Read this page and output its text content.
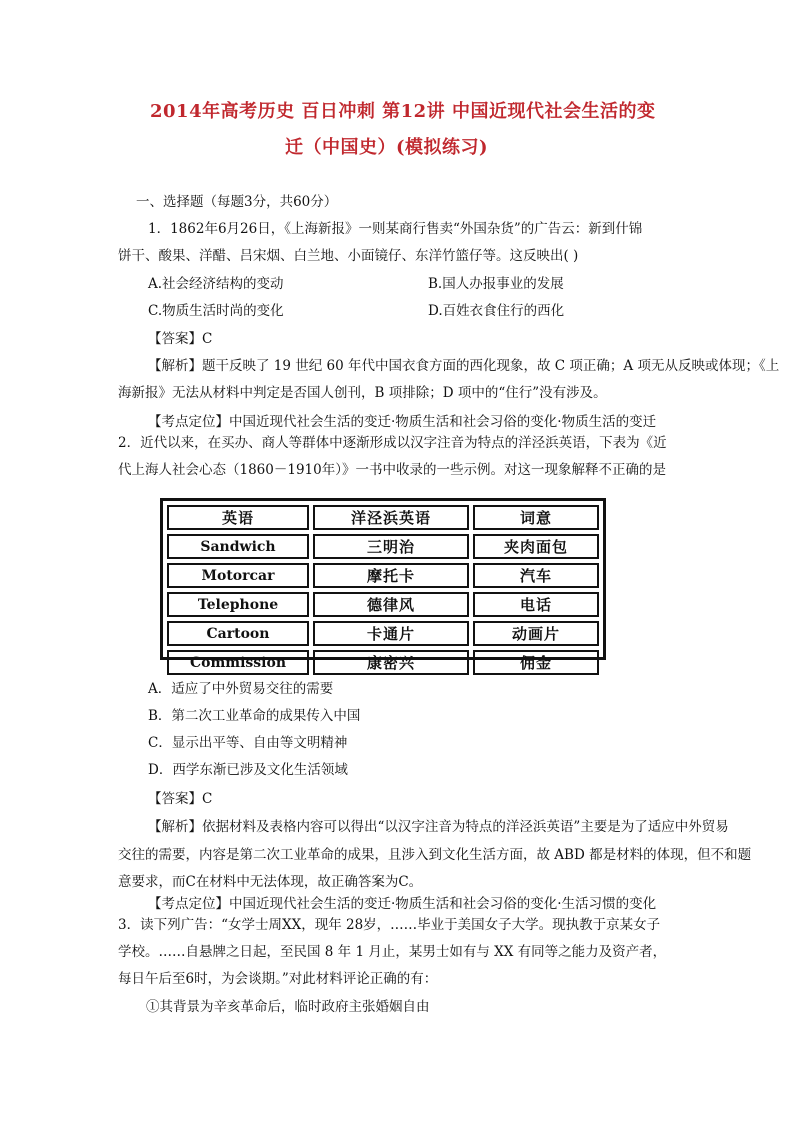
2014年高考历史 百日冲刺 第12讲 中国近现代社会生活的变
迁（中国史）(模拟练习)
一、选择题（每题3分，共60分）
1．1862年6月26日，《上海新报》一则某商行售卖“外国杂货”的广告云：新到什锦
饼干、酸果、洋醋、吕宋烟、白兰地、小面镜仔、东洋竹篮仔等。这反映出( )
A.社会经济结构的变动	B.国人办报事业的发展
C.物质生活时尚的变化	D.百姓衣食住行的西化
【答案】C
【解析】题干反映了 19 世纪 60 年代中国衣食方面的西化现象，故 C 项正确；A 项无从反映或体现；《上
海新报》无法从材料中判定是否国人创刊，B 项排除；D 项中的“住行”没有涉及。
【考点定位】中国近现代社会生活的变迁·物质生活和社会习俗的变化·物质生活的变迁
2．近代以来，在买办、商人等群体中逐渐形成以汉字注音为特点的洋泾浜英语，下表为《近
代上海人社会心态（1860－1910年）》一书中收录的一些示例。对这一现象解释不正确的是
英语	洋泾浜英语	词意
Sandwich	三明治	夹肉面包
Motorcar	摩托卡	汽车
Telephone	德律风	电话
Cartoon	卡通片	动画片
Commission	康密兴	佣金
A．适应了中外贸易交往的需要
B．第二次工业革命的成果传入中国
C．显示出平等、自由等文明精神
D．西学东渐已涉及文化生活领域
【答案】C
【解析】依据材料及表格内容可以得出“以汉字注音为特点的洋泾浜英语”主要是为了适应中外贸易
交往的需要，内容是第二次工业革命的成果，且涉入到文化生活方面，故 ABD 都是材料的体现，但不和题
意要求，而C在材料中无法体现，故正确答案为C。
【考点定位】中国近现代社会生活的变迁·物质生活和社会习俗的变化·生活习惯的变化
3．读下列广告：“女学士周XX，现年 28岁，……毕业于美国女子大学。现执教于京某女子
学校。……自悬牌之日起，至民国 8 年 1 月止，某男士如有与 XX 有同等之能力及资产者，
每日午后至6时，为会谈期。”对此材料评论正确的有：
①其背景为辛亥革命后，临时政府主张婚姻自由
